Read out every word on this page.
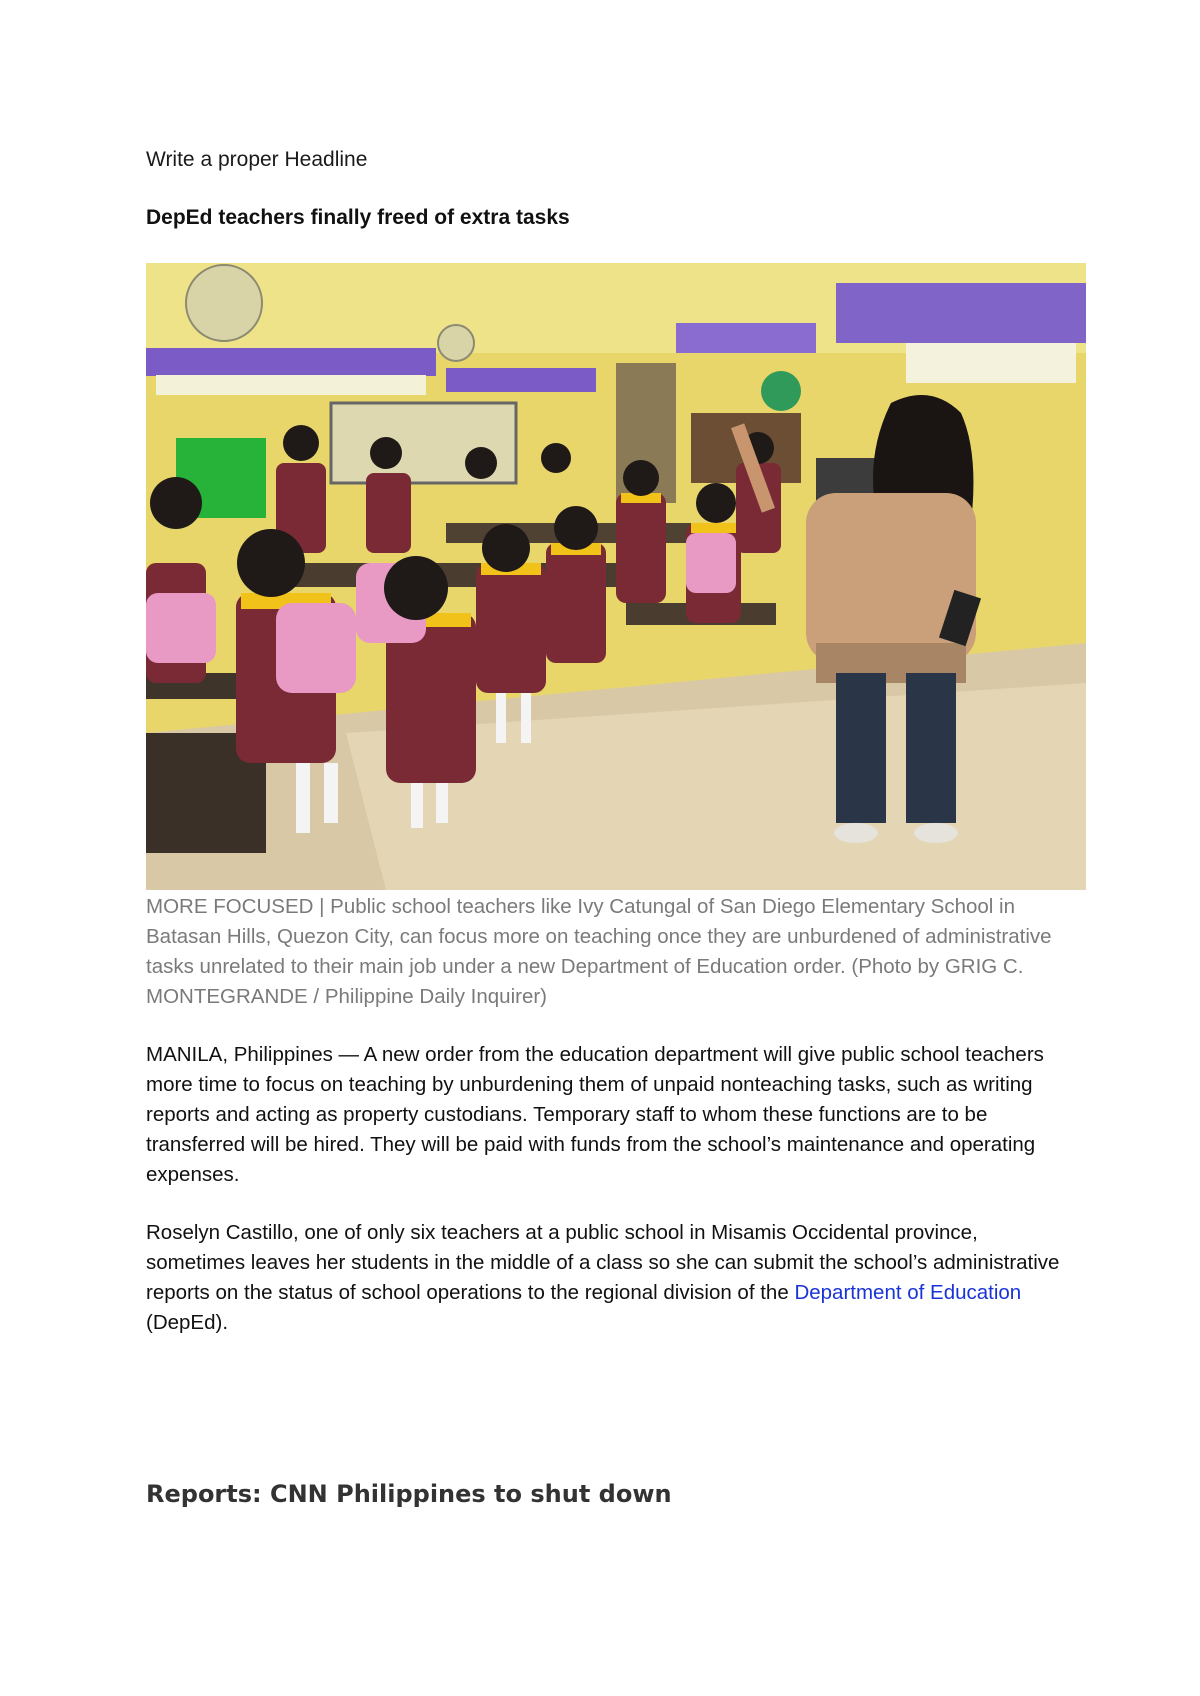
Write a proper Headline
DepEd teachers finally freed of extra tasks
MORE FOCUSED | Public school teachers like Ivy Catungal of San Diego Elementary School in Batasan Hills, Quezon City, can focus more on teaching once they are unburdened of administrative tasks unrelated to their main job under a new Department of Education order. (Photo by GRIG C. MONTEGRANDE / Philippine Daily Inquirer)
MANILA, Philippines — A new order from the education department will give public school teachers more time to focus on teaching by unburdening them of unpaid nonteaching tasks, such as writing reports and acting as property custodians. Temporary staff to whom these functions are to be transferred will be hired. They will be paid with funds from the school’s maintenance and operating expenses.
Roselyn Castillo, one of only six teachers at a public school in Misamis Occidental province, sometimes leaves her students in the middle of a class so she can submit the school’s administrative reports on the status of school operations to the regional division of the Department of Education (DepEd).
Reports: CNN Philippines to shut down
